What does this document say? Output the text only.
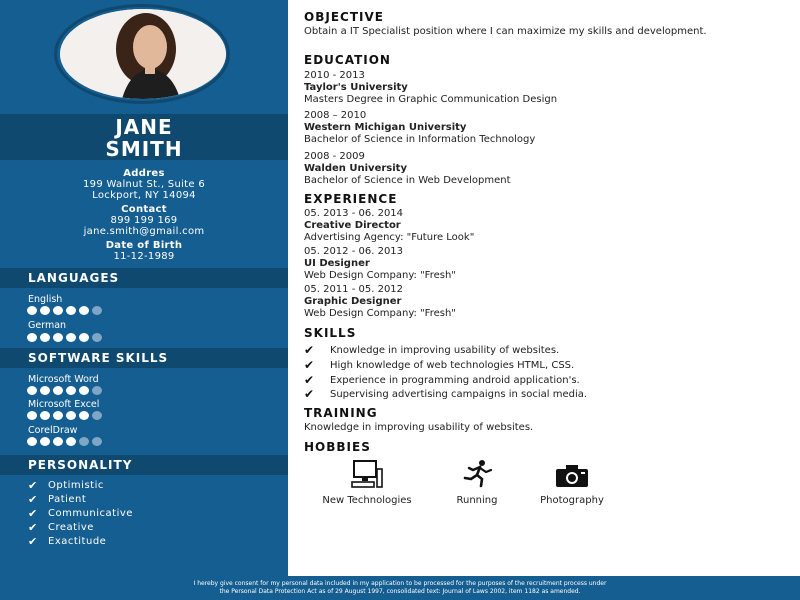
JANE
SMITH
Addres
199 Walnut St., Suite 6
Lockport, NY 14094
Contact
899 199 169
jane.smith@gmail.com
Date of Birth
11-12-1989
LANGUAGES
English
German
SOFTWARE SKILLS
Microsoft Word
Microsoft Excel
CorelDraw
PERSONALITY
✔	Optimistic
✔	Patient
✔	Communicative
✔	Creative
✔	Exactitude
OBJECTIVE
Obtain a IT Specialist position where I can maximize my skills and development.
EDUCATION
2010 - 2013
Taylor's University
Masters Degree in Graphic Communication Design
2008 – 2010
Western Michigan University
Bachelor of Science in Information Technology
2008 - 2009
Walden University
Bachelor of Science in Web Development
EXPERIENCE
05. 2013 - 06. 2014
Creative Director
Advertising Agency: "Future Look"
05. 2012 - 06. 2013
UI Designer
Web Design Company: "Fresh"
05. 2011 - 05. 2012
Graphic Designer
Web Design Company: "Fresh"
SKILLS
✔	Knowledge in improving usability of websites.
✔	High knowledge of web technologies HTML, CSS.
✔	Experience in programming android application's.
✔	Supervising advertising campaigns in social media.
TRAINING
Knowledge in improving usability of websites.
HOBBIES
New Technologies	Running	Photography
I hereby give consent for my personal data included in my application to be processed for the purposes of the recruitment process under
the Personal Data Protection Act as of 29 August 1997, consolidated text: Journal of Laws 2002, item 1182 as amended.
